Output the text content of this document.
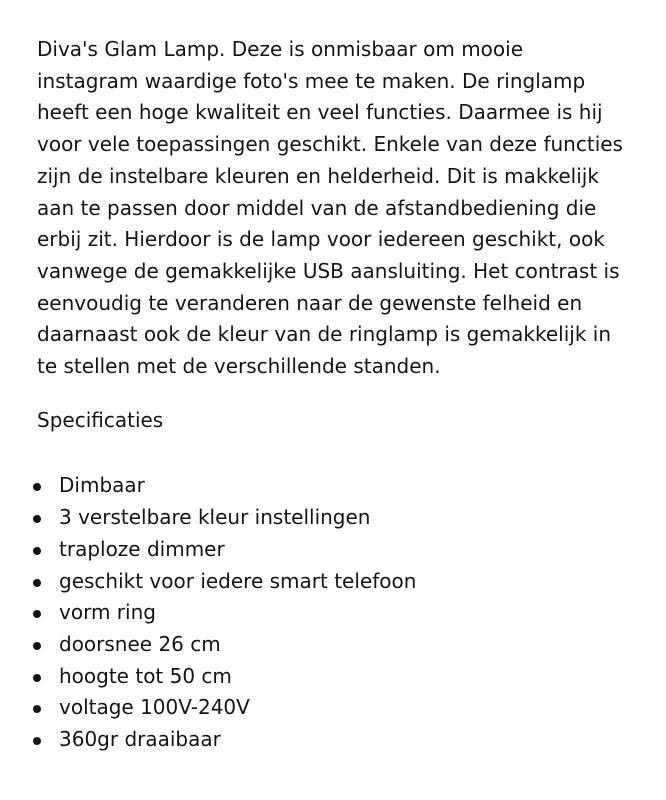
Diva's Glam Lamp. Deze is onmisbaar om mooie
instagram waardige foto's mee te maken. De ringlamp
heeft een hoge kwaliteit en veel functies. Daarmee is hij
voor vele toepassingen geschikt. Enkele van deze functies
zijn de instelbare kleuren en helderheid. Dit is makkelijk
aan te passen door middel van de afstandbediening die
erbij zit. Hierdoor is de lamp voor iedereen geschikt, ook
vanwege de gemakkelijke USB aansluiting. Het contrast is
eenvoudig te veranderen naar de gewenste felheid en
daarnaast ook de kleur van de ringlamp is gemakkelijk in
te stellen met de verschillende standen.
Specificaties
Dimbaar
3 verstelbare kleur instellingen
traploze dimmer
geschikt voor iedere smart telefoon
vorm ring
doorsnee 26 cm
hoogte tot 50 cm
voltage 100V-240V
360gr draaibaar
